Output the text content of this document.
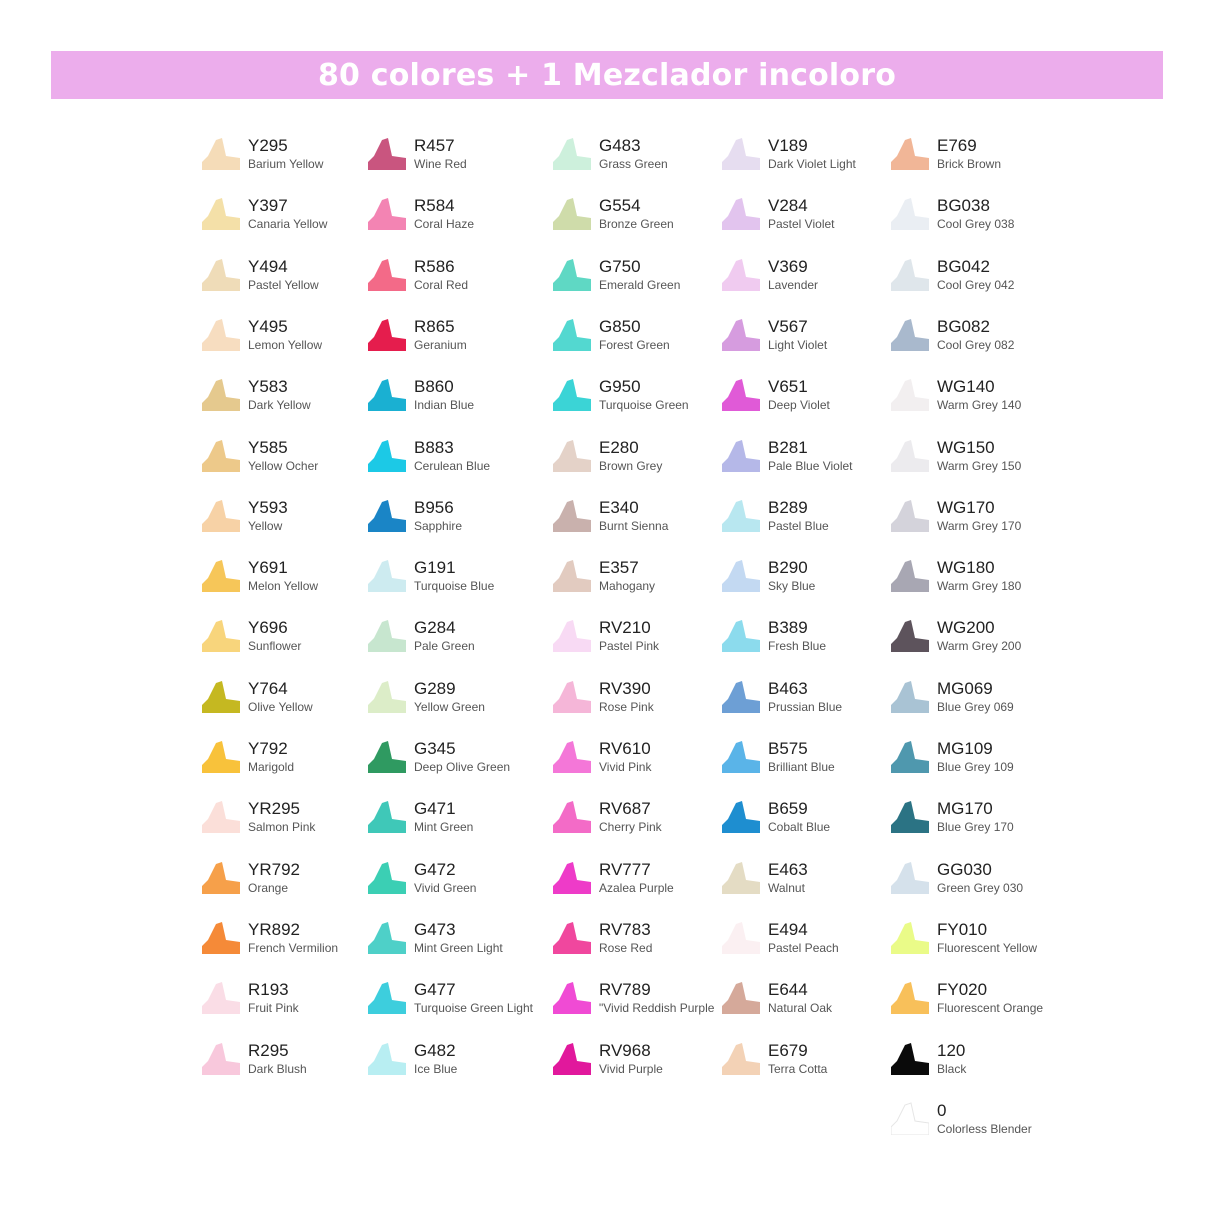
80 colores + 1 Mezclador incoloro
Y295
Barium Yellow
Y397
Canaria Yellow
Y494
Pastel Yellow
Y495
Lemon Yellow
Y583
Dark Yellow
Y585
Yellow Ocher
Y593
Yellow
Y691
Melon Yellow
Y696
Sunflower
Y764
Olive Yellow
Y792
Marigold
YR295
Salmon Pink
YR792
Orange
YR892
French Vermilion
R193
Fruit Pink
R295
Dark Blush
R457
Wine Red
R584
Coral Haze
R586
Coral Red
R865
Geranium
B860
Indian Blue
B883
Cerulean Blue
B956
Sapphire
G191
Turquoise Blue
G284
Pale Green
G289
Yellow Green
G345
Deep Olive Green
G471
Mint Green
G472
Vivid Green
G473
Mint Green Light
G477
Turquoise Green Light
G482
Ice Blue
G483
Grass Green
G554
Bronze Green
G750
Emerald Green
G850
Forest Green
G950
Turquoise Green
E280
Brown Grey
E340
Burnt Sienna
E357
Mahogany
RV210
Pastel Pink
RV390
Rose Pink
RV610
Vivid Pink
RV687
Cherry Pink
RV777
Azalea Purple
RV783
Rose Red
RV789
"Vivid Reddish Purple
RV968
Vivid Purple
V189
Dark Violet Light
V284
Pastel Violet
V369
Lavender
V567
Light Violet
V651
Deep Violet
B281
Pale Blue Violet
B289
Pastel Blue
B290
Sky Blue
B389
Fresh Blue
B463
Prussian Blue
B575
Brilliant Blue
B659
Cobalt Blue
E463
Walnut
E494
Pastel Peach
E644
Natural Oak
E679
Terra Cotta
E769
Brick Brown
BG038
Cool Grey 038
BG042
Cool Grey 042
BG082
Cool Grey 082
WG140
Warm Grey 140
WG150
Warm Grey 150
WG170
Warm Grey 170
WG180
Warm Grey 180
WG200
Warm Grey 200
MG069
Blue Grey 069
MG109
Blue Grey 109
MG170
Blue Grey 170
GG030
Green Grey 030
FY010
Fluorescent Yellow
FY020
Fluorescent Orange
120
Black
0
Colorless Blender
